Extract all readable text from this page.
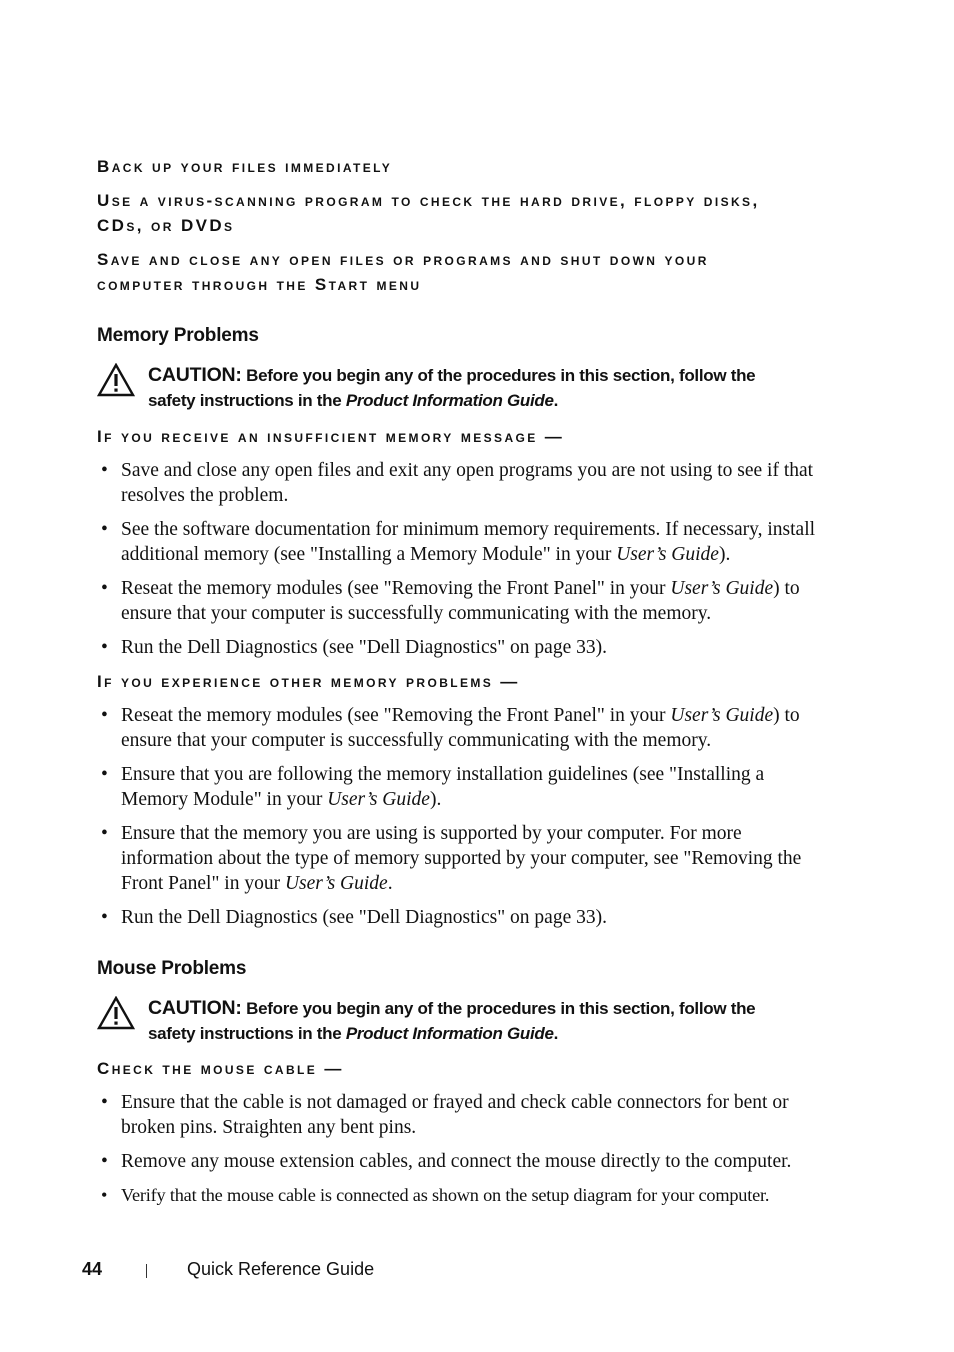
Back up your files immediately

Use a virus-scanning program to check the hard drive, floppy disks,
CDs, or DVDs

Save and close any open files or programs and shut down your
computer through the Start menu

Memory Problems
CAUTION: Before you begin any of the procedures in this section, follow the
safety instructions in the Product Information Guide.

If you receive an insufficient memory message —

• Save and close any open files and exit any open programs you are not using to see if that resolves the problem.
• See the software documentation for minimum memory requirements. If necessary, install additional memory (see "Installing a Memory Module" in your User’s Guide).
• Reseat the memory modules (see "Removing the Front Panel" in your User’s Guide) to ensure that your computer is successfully communicating with the memory.
• Run the Dell Diagnostics (see "Dell Diagnostics" on page 33).

If you experience other memory problems —

• Reseat the memory modules (see "Removing the Front Panel" in your User’s Guide) to ensure that your computer is successfully communicating with the memory.
• Ensure that you are following the memory installation guidelines (see "Installing a Memory Module" in your User’s Guide).
• Ensure that the memory you are using is supported by your computer. For more information about the type of memory supported by your computer, see "Removing the Front Panel" in your User’s Guide.
• Run the Dell Diagnostics (see "Dell Diagnostics" on page 33).
Mouse Problems
CAUTION: Before you begin any of the procedures in this section, follow the
safety instructions in the Product Information Guide.

Check the mouse cable —

• Ensure that the cable is not damaged or frayed and check cable connectors for bent or broken pins. Straighten any bent pins.
• Remove any mouse extension cables, and connect the mouse directly to the computer.
• Verify that the mouse cable is connected as shown on the setup diagram for your computer.
44	Quick Reference Guide
